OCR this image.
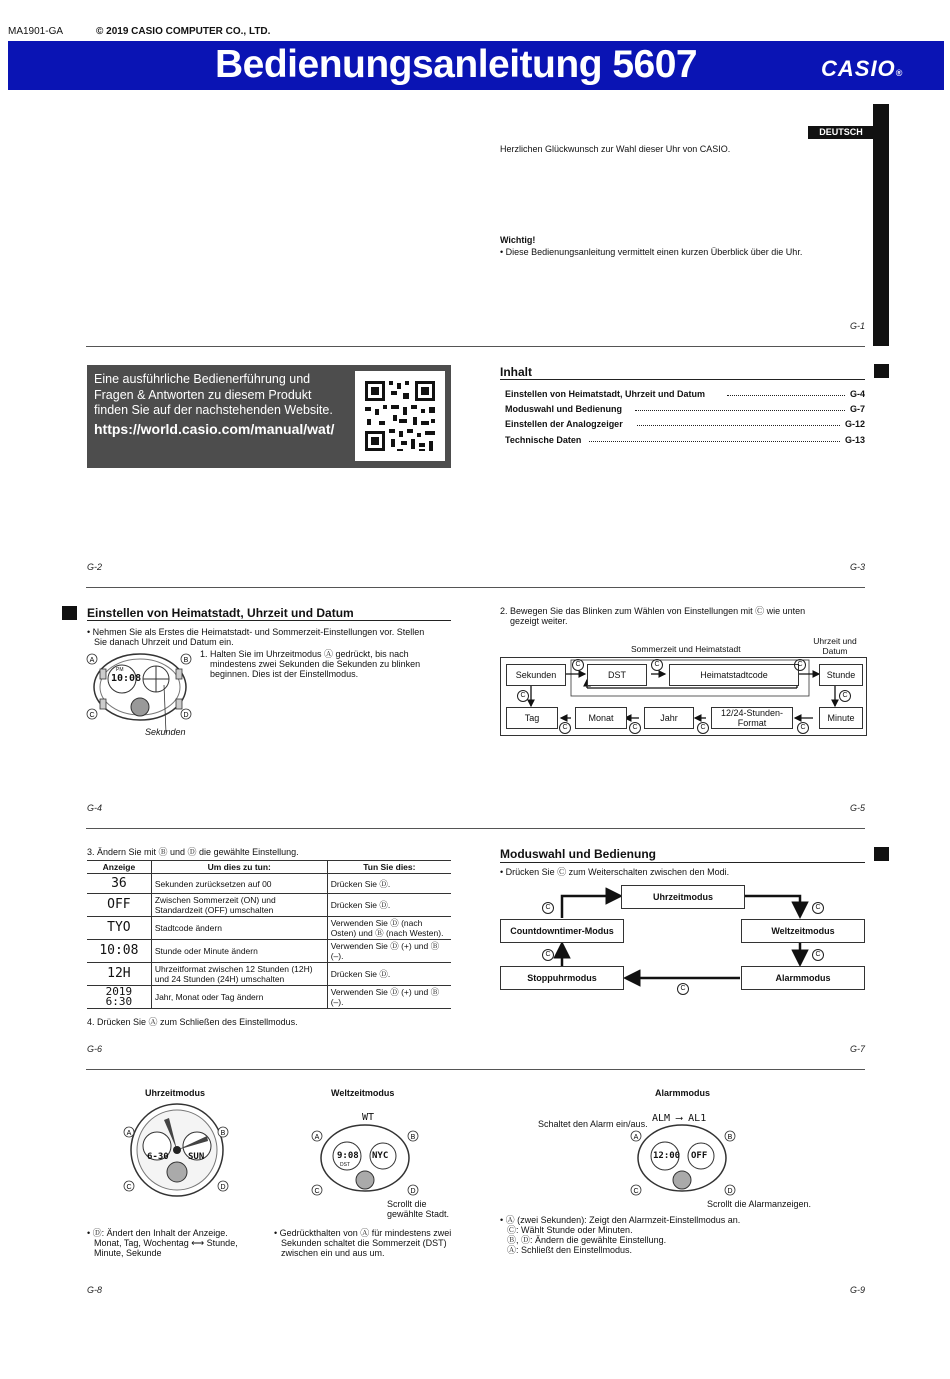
MA1901-GA	© 2019 CASIO COMPUTER CO., LTD.
Bedienungsanleitung 5607	CASIO®
DEUTSCH
Herzlichen Glückwunsch zur Wahl dieser Uhr von CASIO.
Wichtig!
• Diese Bedienungsanleitung vermittelt einen kurzen Überblick über die Uhr.
G-1
Eine ausführliche Bedienerführung und
Fragen & Antworten zu diesem Produkt
finden Sie auf der nachstehenden Website.
https://world.casio.com/manual/wat/
G-2
Inhalt
Einstellen von Heimatstadt, Uhrzeit und Datum	G-4
Moduswahl und Bedienung	G-7
Einstellen der Analogzeiger	G-12
Technische Daten	G-13
G-3
Einstellen von Heimatstadt, Uhrzeit und Datum
• Nehmen Sie als Erstes die Heimatstadt- und Sommerzeit-Einstellungen vor. Stellen
Sie danach Uhrzeit und Datum ein.
1. Halten Sie im Uhrzeitmodus Ⓐ gedrückt, bis nach
mindestens zwei Sekunden die Sekunden zu blinken
beginnen. Dies ist der Einstellmodus.
A	B
C	D
PM
10:08
Sekunden
G-4
2. Bewegen Sie das Blinken zum Wählen von Einstellungen mit Ⓒ wie unten
gezeigt weiter.
Sommerzeit und Heimatstadt
Uhrzeit und
Datum
Sekunden	DST	Heimatstadtcode	Stunde
Tag	Monat	Jahr	12/24-Stunden-Format	Minute
C	C	C
C
C
C	C	C	C
G-5
3. Ändern Sie mit Ⓑ und Ⓓ die gewählte Einstellung.
Anzeige	Um dies zu tun:	Tun Sie dies:
36	Sekunden zurücksetzen auf 00	Drücken Sie Ⓓ.
OFF	Zwischen Sommerzeit (ON) und Standardzeit (OFF) umschalten	Drücken Sie Ⓓ.
TYO	Stadtcode ändern	Verwenden Sie Ⓓ (nach Osten) und Ⓑ (nach Westen).
10:08	Stunde oder Minute ändern	Verwenden Sie Ⓓ (+) und Ⓑ (–).
12H	Uhrzeitformat zwischen 12 Stunden (12H) und 24 Stunden (24H) umschalten	Drücken Sie Ⓓ.
2019 6:30	Jahr, Monat oder Tag ändern	Verwenden Sie Ⓓ (+) und Ⓑ (–).
4. Drücken Sie Ⓐ zum Schließen des Einstellmodus.
G-6
Moduswahl und Bedienung
• Drücken Sie Ⓒ zum Weiterschalten zwischen den Modi.
Uhrzeitmodus
Weltzeitmodus
Alarmmodus
Stoppuhrmodus
Countdowntimer-Modus
C	C
C
C
C
G-7
Uhrzeitmodus
A	B
C	D
6-30 SUN
• Ⓓ: Ändert den Inhalt der Anzeige.
Monat, Tag, Wochentag ⟷ Stunde,
Minute, Sekunde
Weltzeitmodus
WT
A	B
C	D
9:08
DST
NYC
Scrollt die
gewählte Stadt.
• Gedrückthalten von Ⓐ für mindestens zwei
Sekunden schaltet die Sommerzeit (DST)
zwischen ein und aus um.
G-8
Alarmmodus
Schaltet den Alarm ein/aus. ALM ⟶ AL1
A	B
C	D
12:00 OFF
Scrollt die Alarmanzeigen.
• Ⓐ (zwei Sekunden): Zeigt den Alarmzeit-Einstellmodus an.
Ⓒ: Wählt Stunde oder Minuten.
Ⓑ, Ⓓ: Ändern die gewählte Einstellung.
Ⓐ: Schließt den Einstellmodus.
G-9
